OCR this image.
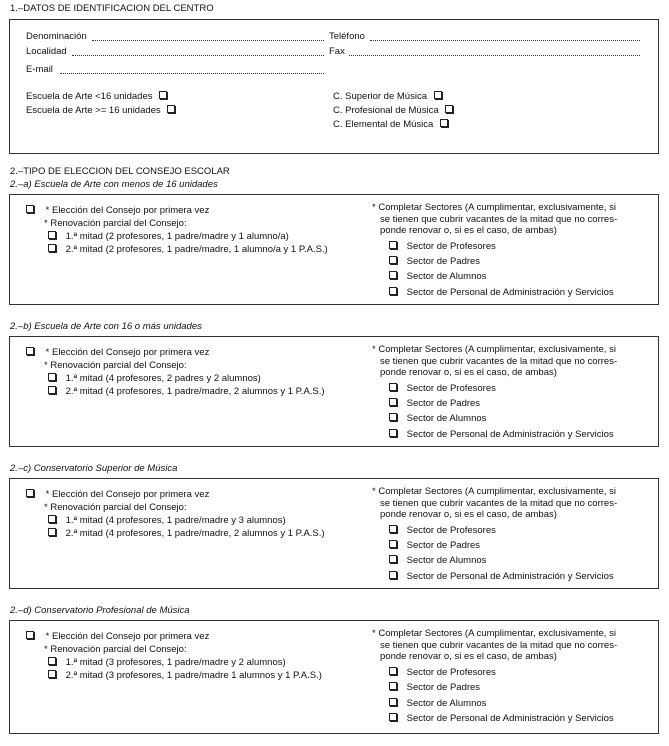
1.–DATOS DE IDENTIFICACION DEL CENTRO
Denominación	Teléfono
Localidad	Fax
E-mail
Escuela de Arte <16 unidades
Escuela de Arte >= 16 unidades
C. Superior de Música
C. Profesional de Música
C. Elemental de Música
2.–TIPO DE ELECCION DEL CONSEJO ESCOLAR
2.–a) Escuela de Arte con menos de 16 unidades
* Elección del Consejo por primera vez
* Renovación parcial del Consejo:
1.ª mitad (2 profesores, 1 padre/madre y 1 alumno/a)
2.ª mitad (2 profesores, 1 padre/madre, 1 alumno/a y 1 P.A.S.)
* Completar Sectores (A cumplimentar, exclusivamente, si
se tienen que cubrir vacantes de la mitad que no corres-
ponde renovar o, si es el caso, de ambas)
Sector de Profesores
Sector de Padres
Sector de Alumnos
Sector de Personal de Administración y Servicios
2.–b) Escuela de Arte con 16 o más unidades
* Elección del Consejo por primera vez
* Renovación parcial del Consejo:
1.ª mitad (4 profesores, 2 padres y 2 alumnos)
2.ª mitad (4 profesores, 1 padre/madre, 2 alumnos y 1 P.A.S.)
* Completar Sectores (A cumplimentar, exclusivamente, si
se tienen que cubrir vacantes de la mitad que no corres-
ponde renovar o, si es el caso, de ambas)
Sector de Profesores
Sector de Padres
Sector de Alumnos
Sector de Personal de Administración y Servicios
2.–c) Conservatorio Superior de Música
* Elección del Consejo por primera vez
* Renovación parcial del Consejo:
1.ª mitad (4 profesores, 1 padre/madre y 3 alumnos)
2.ª mitad (4 profesores, 1 padre/madre, 2 alumnos y 1 P.A.S.)
* Completar Sectores (A cumplimentar, exclusivamente, si
se tienen que cubrir vacantes de la mitad que no corres-
ponde renovar o, si es el caso, de ambas)
Sector de Profesores
Sector de Padres
Sector de Alumnos
Sector de Personal de Administración y Servicios
2.–d) Conservatorio Profesional de Música
* Elección del Consejo por primera vez
* Renovación parcial del Consejo:
1.ª mitad (3 profesores, 1 padre/madre y 2 alumnos)
2.ª mitad (3 profesores, 1 padre/madre 1 alumnos y 1 P.A.S.)
* Completar Sectores (A cumplimentar, exclusivamente, si
se tienen que cubrir vacantes de la mitad que no corres-
ponde renovar o, si es el caso, de ambas)
Sector de Profesores
Sector de Padres
Sector de Alumnos
Sector de Personal de Administración y Servicios
